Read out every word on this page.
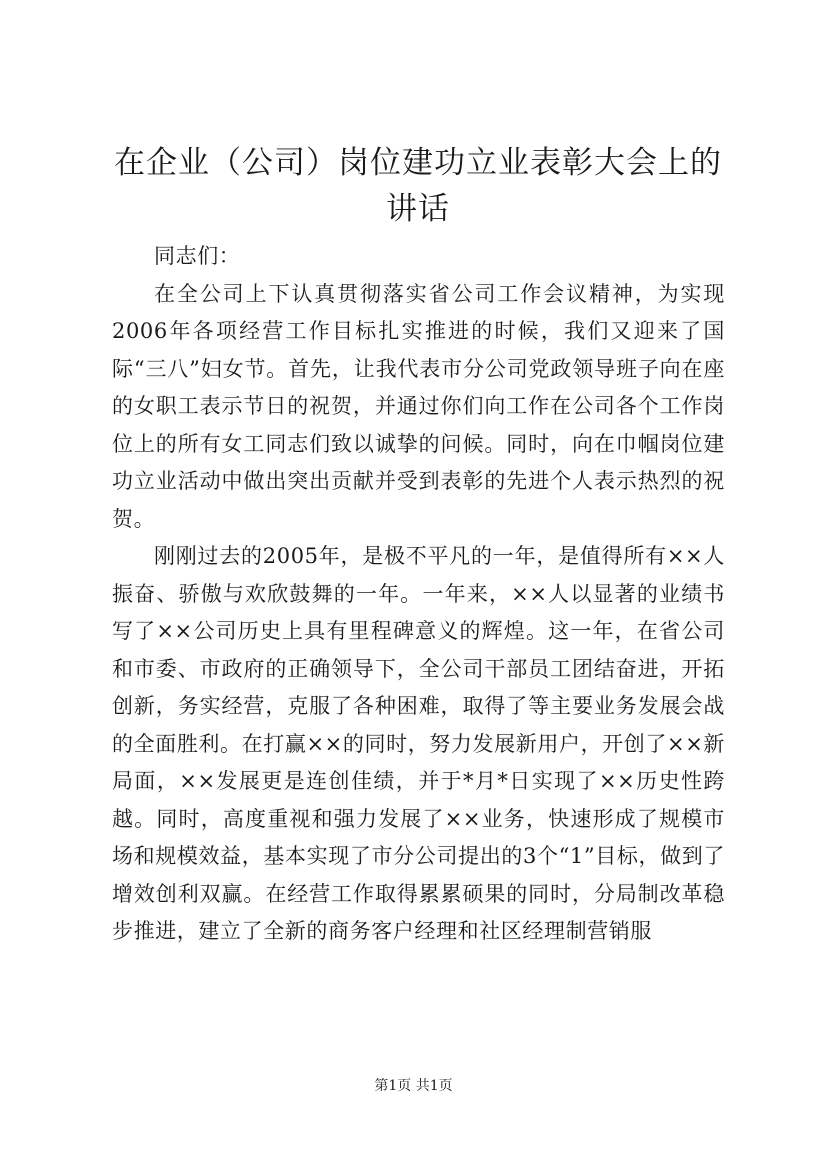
在企业（公司）岗位建功立业表彰大会上的讲话

同志们：

在全公司上下认真贯彻落实省公司工作会议精神，为实现2006年各项经营工作目标扎实推进的时候，我们又迎来了国际“三八”妇女节。首先，让我代表市分公司党政领导班子向在座的女职工表示节日的祝贺，并通过你们向工作在公司各个工作岗位上的所有女工同志们致以诚挚的问候。同时，向在巾帼岗位建功立业活动中做出突出贡献并受到表彰的先进个人表示热烈的祝贺。

刚刚过去的2005年，是极不平凡的一年，是值得所有××人振奋、骄傲与欢欣鼓舞的一年。一年来，××人以显著的业绩书写了××公司历史上具有里程碑意义的辉煌。这一年，在省公司和市委、市政府的正确领导下，全公司干部员工团结奋进，开拓创新，务实经营，克服了各种困难，取得了等主要业务发展会战的全面胜利。在打赢××的同时，努力发展新用户，开创了××新局面，××发展更是连创佳绩，并于*月*日实现了××历史性跨越。同时，高度重视和强力发展了××业务，快速形成了规模市场和规模效益，基本实现了市分公司提出的3个“1”目标，做到了增效创利双赢。在经营工作取得累累硕果的同时，分局制改革稳步推进，建立了全新的商务客户经理和社区经理制营销服

第1页 共1页
